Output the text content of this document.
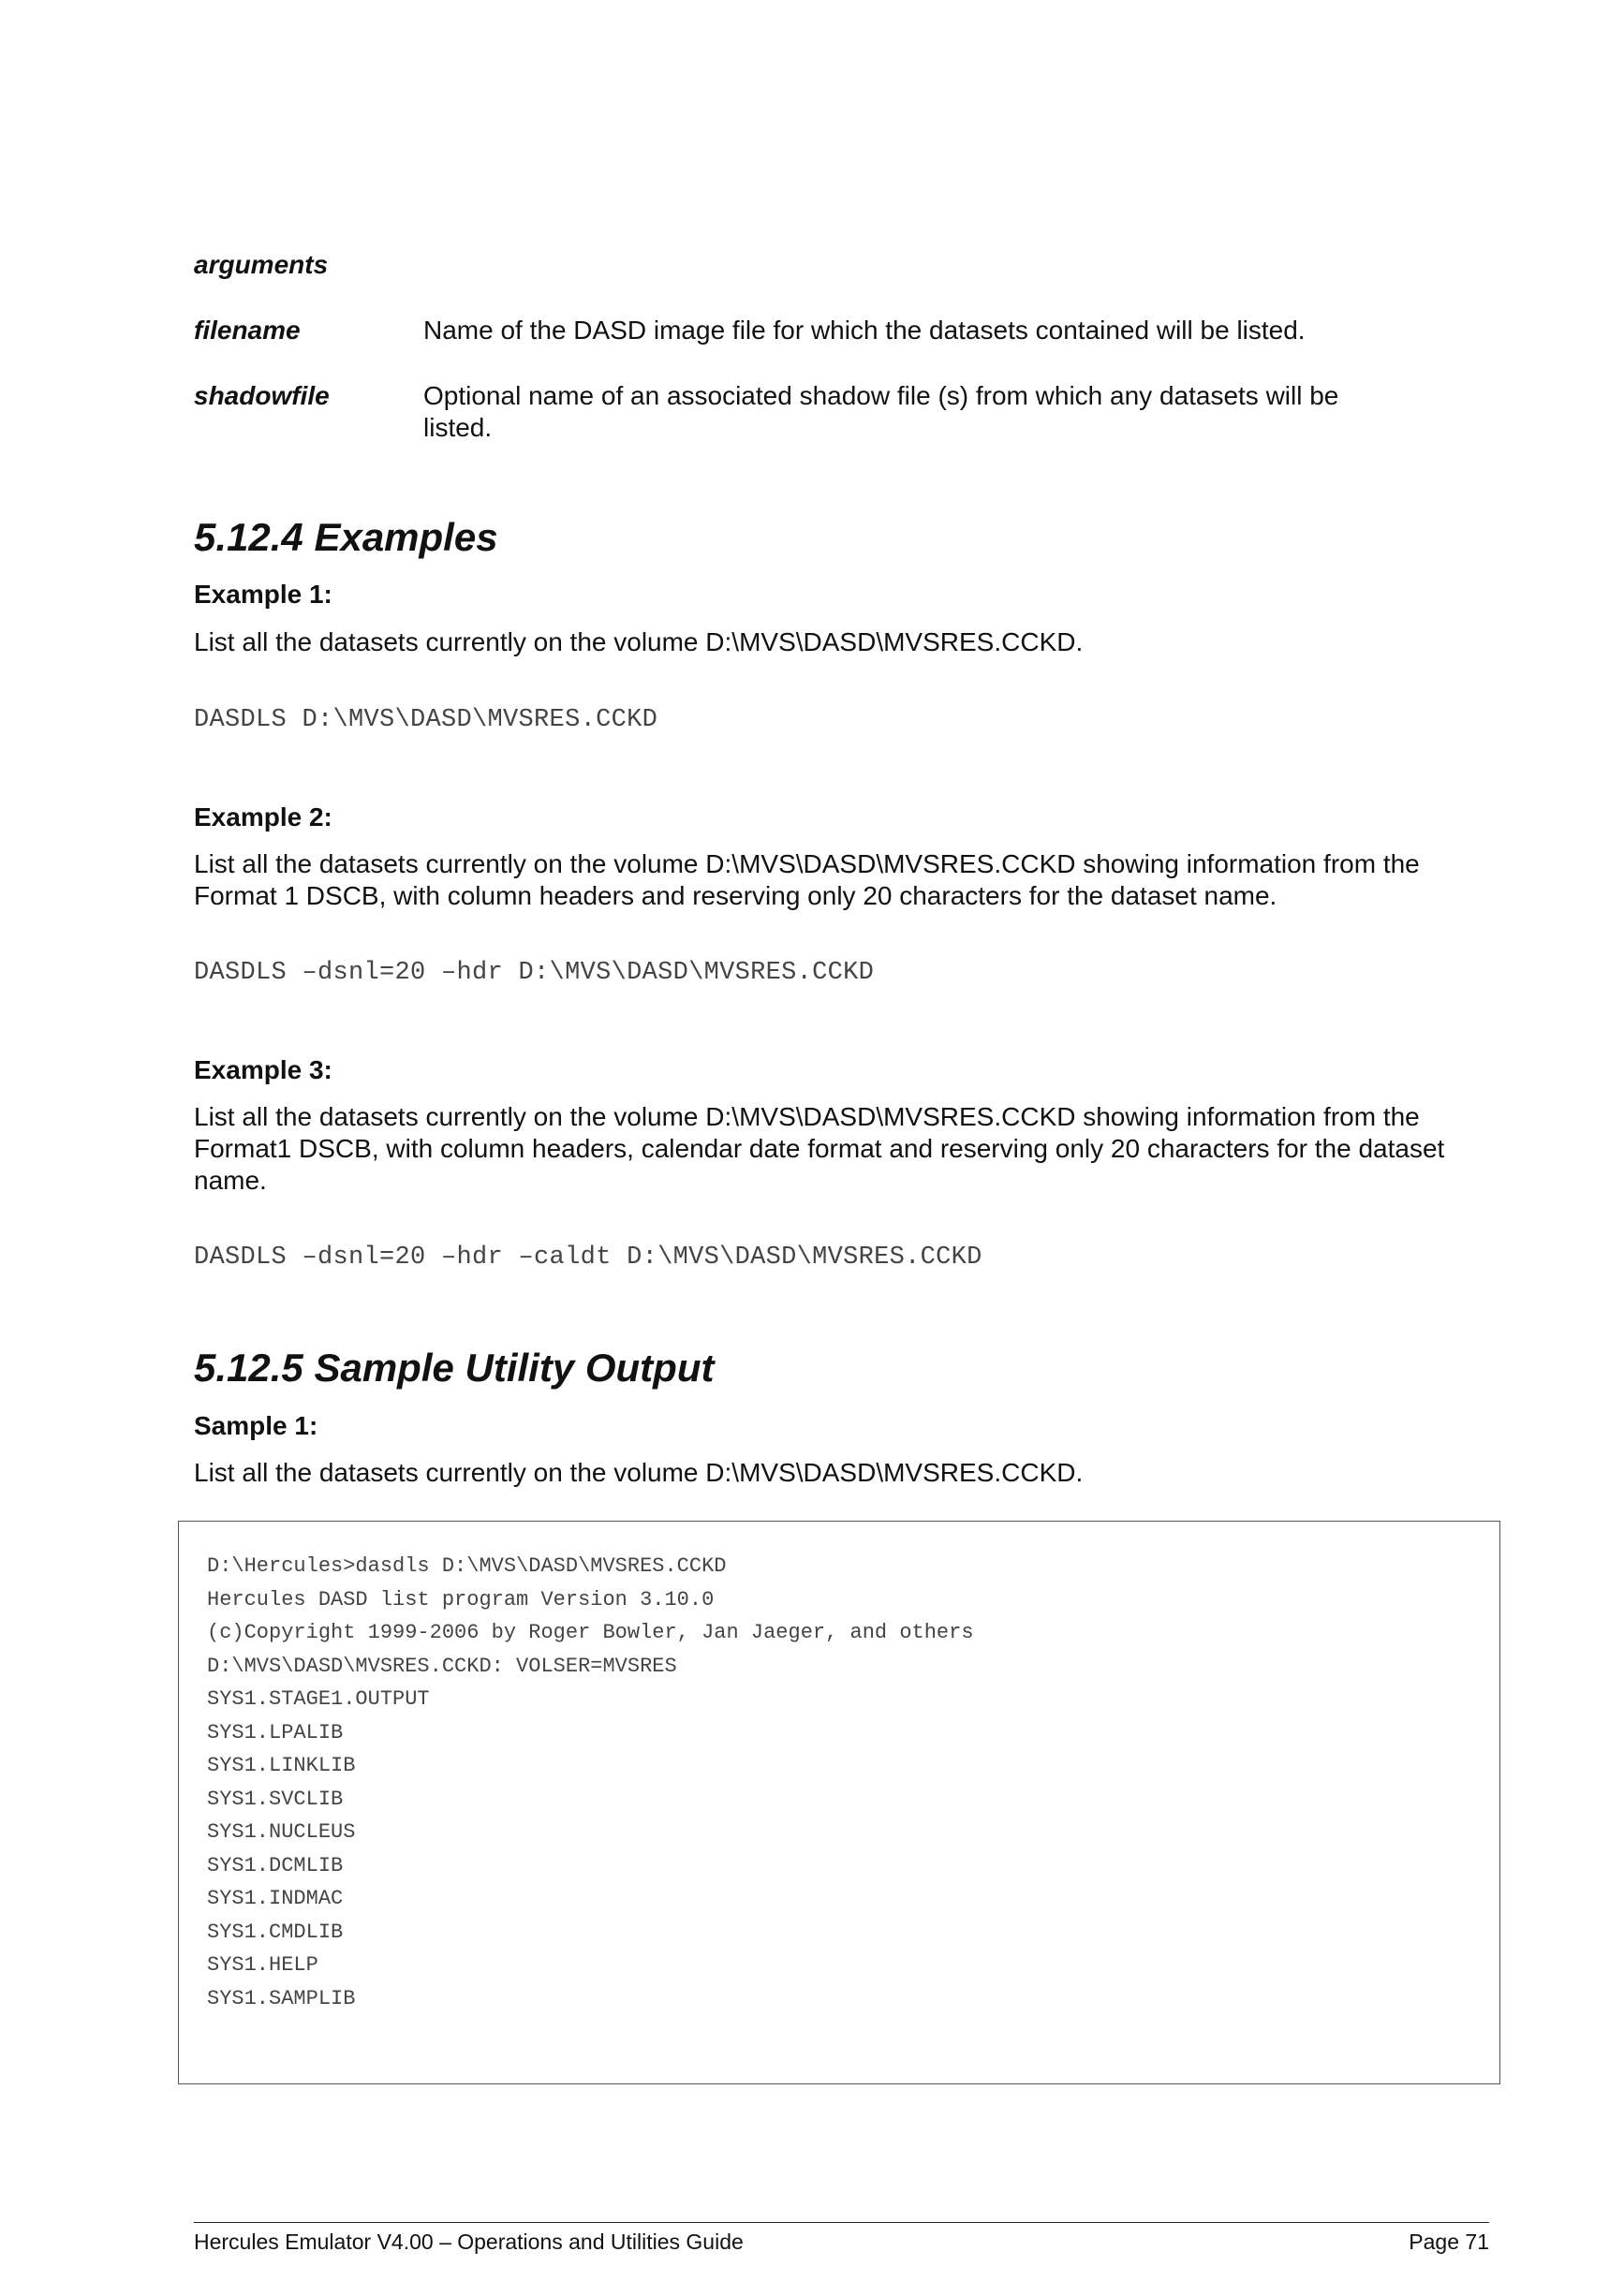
arguments
filename	Name of the DASD image file for which the datasets contained will be listed.
shadowfile	Optional name of an associated shadow file (s) from which any datasets will be listed.
5.12.4 Examples
Example 1:
List all the datasets currently on the volume D:\MVS\DASD\MVSRES.CCKD.
DASDLS D:\MVS\DASD\MVSRES.CCKD
Example 2:
List all the datasets currently on the volume D:\MVS\DASD\MVSRES.CCKD showing information from the Format 1 DSCB, with column headers and reserving only 20 characters for the dataset name.
DASDLS –dsnl=20 –hdr D:\MVS\DASD\MVSRES.CCKD
Example 3:
List all the datasets currently on the volume D:\MVS\DASD\MVSRES.CCKD showing information from the Format1 DSCB, with column headers, calendar date format and reserving only 20 characters for the dataset name.
DASDLS –dsnl=20 –hdr –caldt D:\MVS\DASD\MVSRES.CCKD
5.12.5 Sample Utility Output
Sample 1:
List all the datasets currently on the volume D:\MVS\DASD\MVSRES.CCKD.
D:\Hercules>dasdls D:\MVS\DASD\MVSRES.CCKD
Hercules DASD list program Version 3.10.0
(c)Copyright 1999-2006 by Roger Bowler, Jan Jaeger, and others
D:\MVS\DASD\MVSRES.CCKD: VOLSER=MVSRES
SYS1.STAGE1.OUTPUT
SYS1.LPALIB
SYS1.LINKLIB
SYS1.SVCLIB
SYS1.NUCLEUS
SYS1.DCMLIB
SYS1.INDMAC
SYS1.CMDLIB
SYS1.HELP
SYS1.SAMPLIB
Hercules Emulator V4.00 – Operations and Utilities Guide	Page 71
